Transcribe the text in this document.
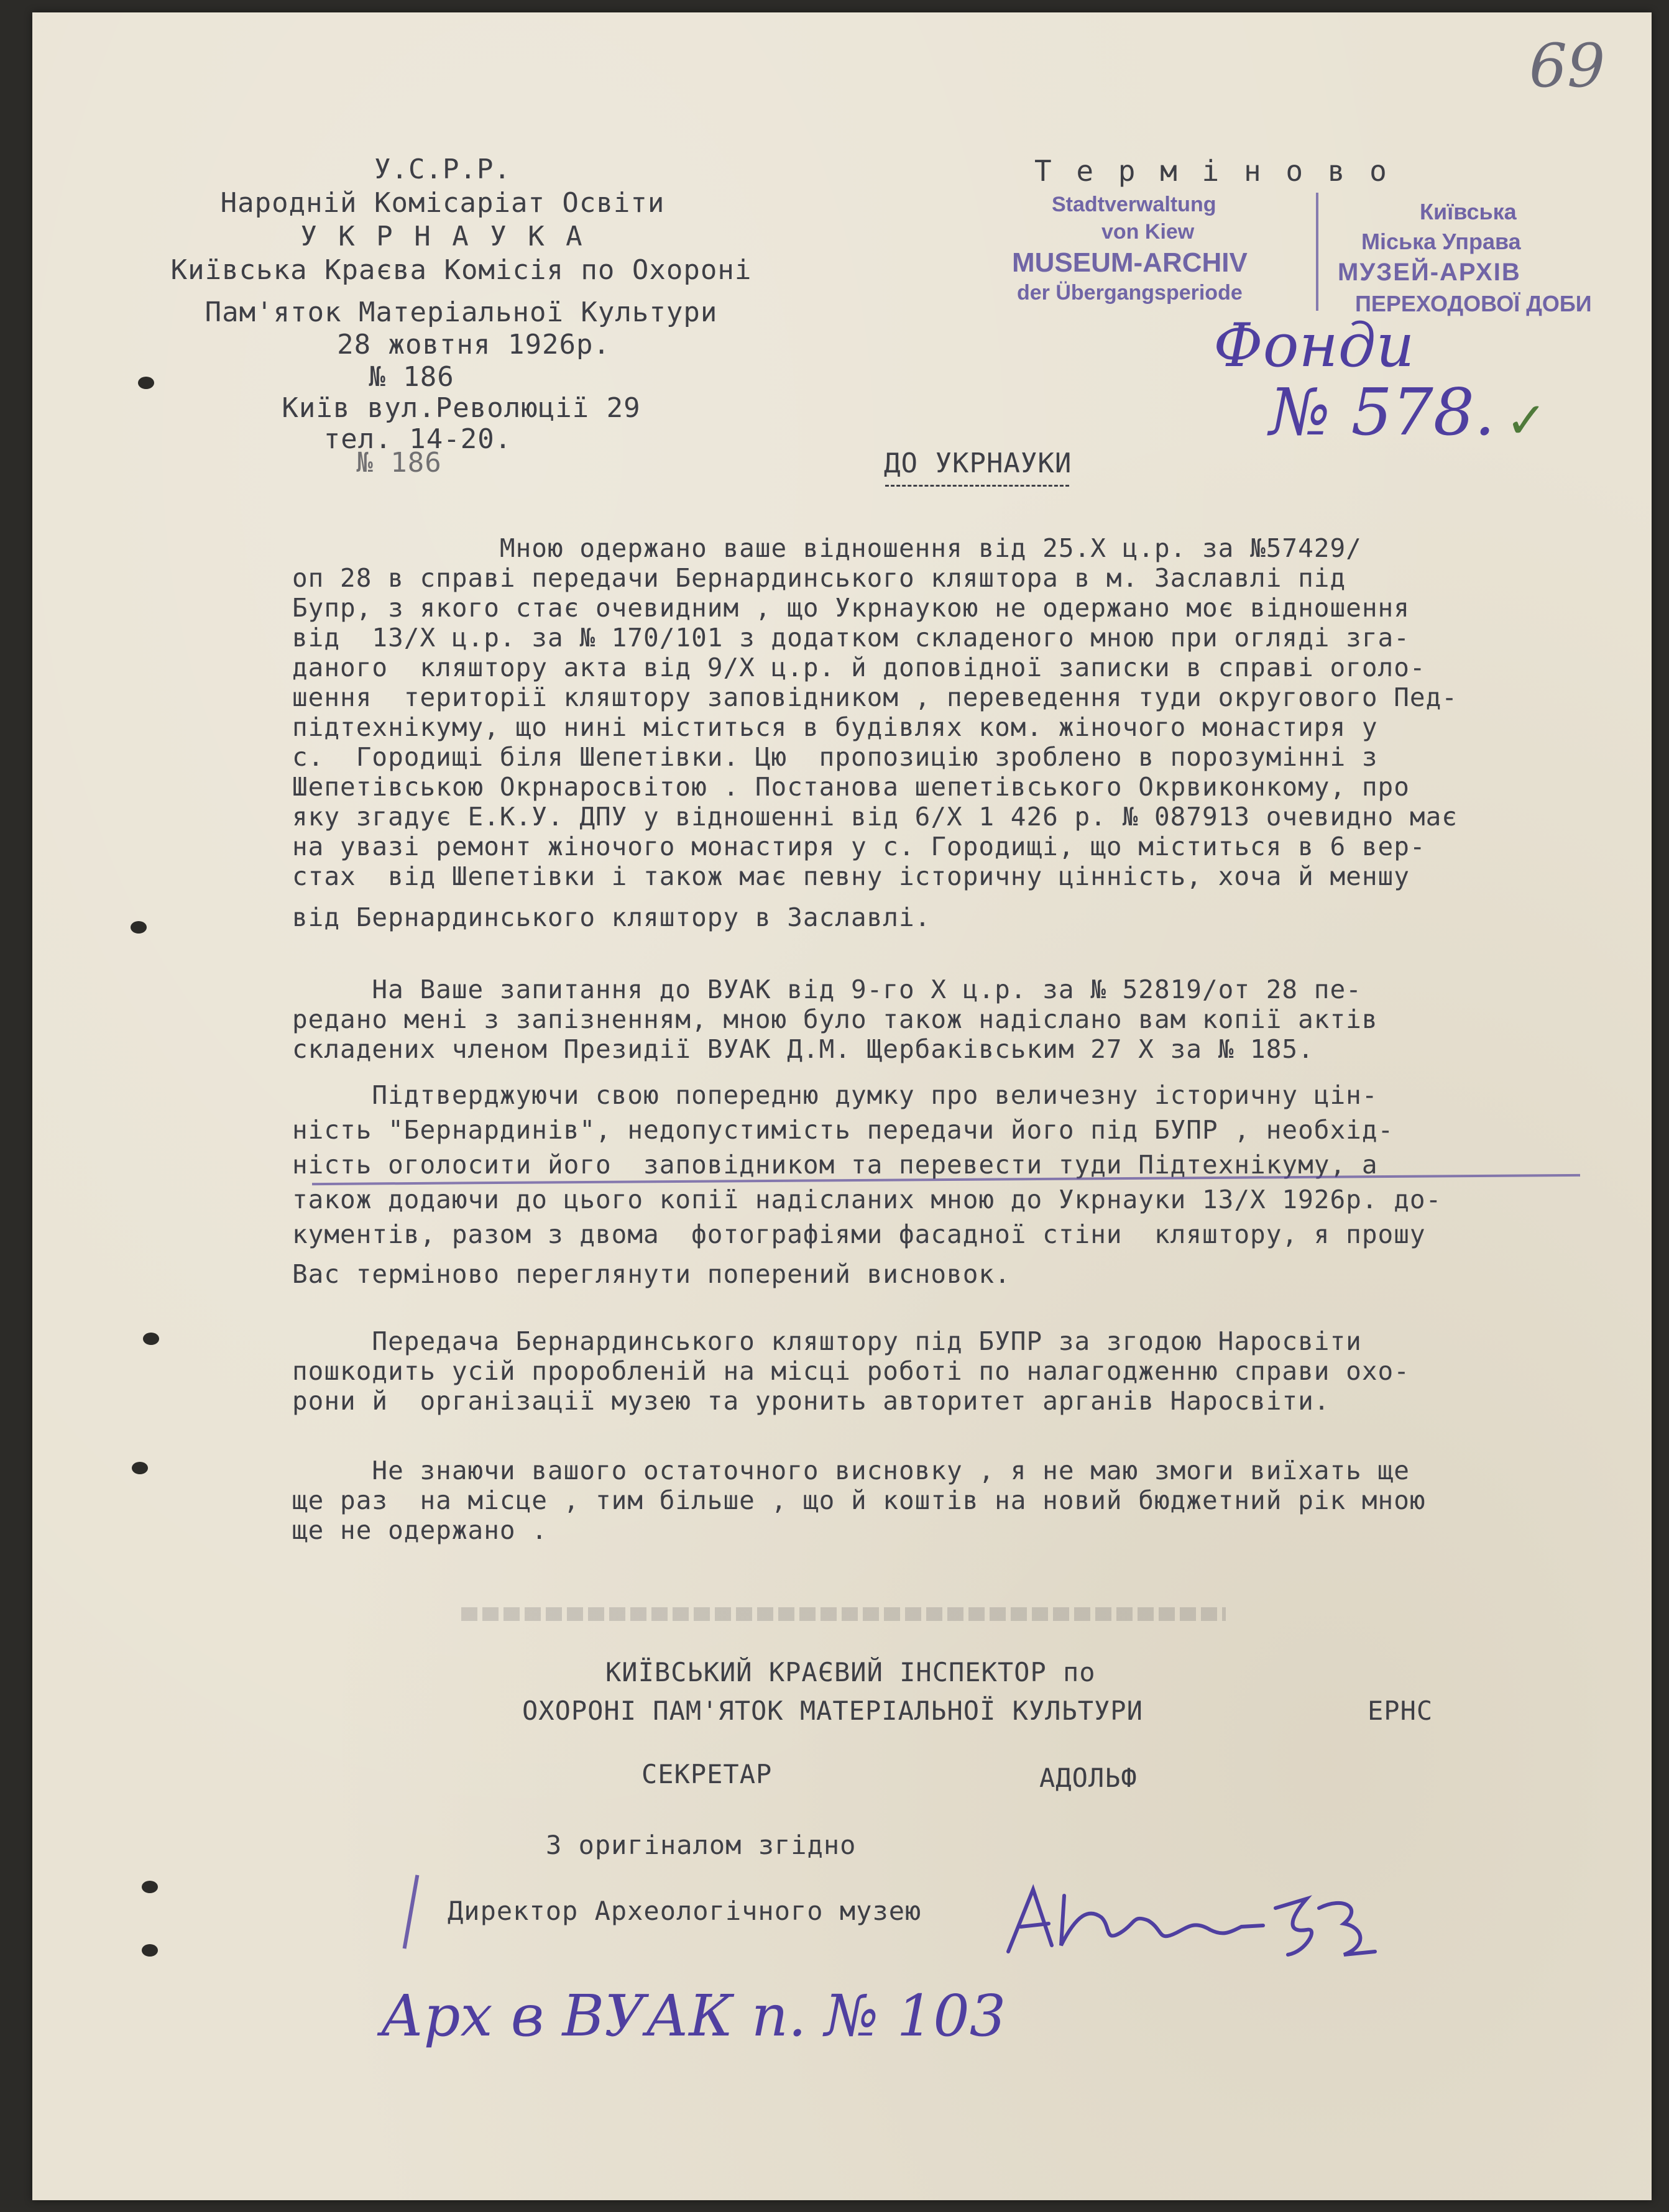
69
У.С.Р.Р.
Народній Комісаріат Освіти
У К Р Н А У К А
Київська Краєва Комісія по Охороні
Пам'яток Матеріальної Культури
28 жовтня 1926р.
№ 186
Київ вул.Революції 29
тел. 14-20.
№ 186
Т е р м і н о в о
Stadtverwaltung
von Kiew
MUSEUM-ARCHIV
der Übergangsperiode
Київська
Міська Управа
МУЗЕЙ-АРХІВ
ПЕРЕХОДОВОЇ ДОБИ
Фонди
№ 578. ✓
ДО УКРНАУКИ
Мною одержано ваше відношення від 25.Х ц.р. за №57429/
оп 28 в справі передачи Бернардинського кляштора в м. Заславлі під
Бупр, з якого стає очевидним , що Укрнаукою не одержано моє відношення
від  13/Х ц.р. за № 170/101 з додатком складеного мною при огляді зга-
даного  кляштору акта від 9/Х ц.р. й доповідної записки в справі оголо-
шення  території кляштору заповідником , переведення туди округового Пед-
підтехнікуму, що нині міститься в будівлях ком. жіночого монастиря у
с.  Городищі біля Шепетівки. Цю  пропозицію зроблено в порозумінні з
Шепетівською Окрнаросвітою . Постанова шепетівського Окрвиконкому, про
яку згадує Е.К.У. ДПУ у відношенні від 6/Х 1 426 р. № 087913 очевидно має
на увазі ремонт жіночого монастиря у с. Городищі, що міститься в 6 вер-
стах  від Шепетівки і також має певну історичну цінність, хоча й меншу
від Бернардинського кляштору в Заславлі.
На Ваше запитання до ВУАК від 9-го Х ц.р. за № 52819/от 28 пе-
редано мені з запізненням, мною було також надіслано вам копії актів
складених членом Президії ВУАК Д.М. Щербаківським 27 Х за № 185.
Підтверджуючи свою попередню думку про величезну історичну цін-
ність "Бернардинів", недопустимість передачи його під БУПР , необхід-
ність оголосити його  заповідником та перевести туди Підтехнікуму, а
також додаючи до цього копії надісланих мною до Укрнауки 13/Х 1926р. до-
кументів, разом з двома  фотографіями фасадної стіни  кляштору, я прошу
Вас терміново переглянути поперений висновок.
Передача Бернардинського кляштору під БУПР за згодою Наросвіти
пошкодить усій проробленій на місці роботі по налагодженню справи охо-
рони й  організації музею та уронить авторитет арганів Наросвіти.
Не знаючи вашого остаточного висновку , я не маю змоги виїхать ще
ще раз  на місце , тим більше , що й коштів на новий бюджетний рік мною
ще не одержано .
КИЇВСЬКИЙ КРАЄВИЙ ІНСПЕКТОР по
ОХОРОНІ ПАМ'ЯТОК МАТЕРІАЛЬНОЇ КУЛЬТУРИ	ЕРНС
СЕКРЕТАР	АДОЛЬФ
З оригіналом згідно
Директор Археологічного музею
Арх в ВУАК п. № 103
